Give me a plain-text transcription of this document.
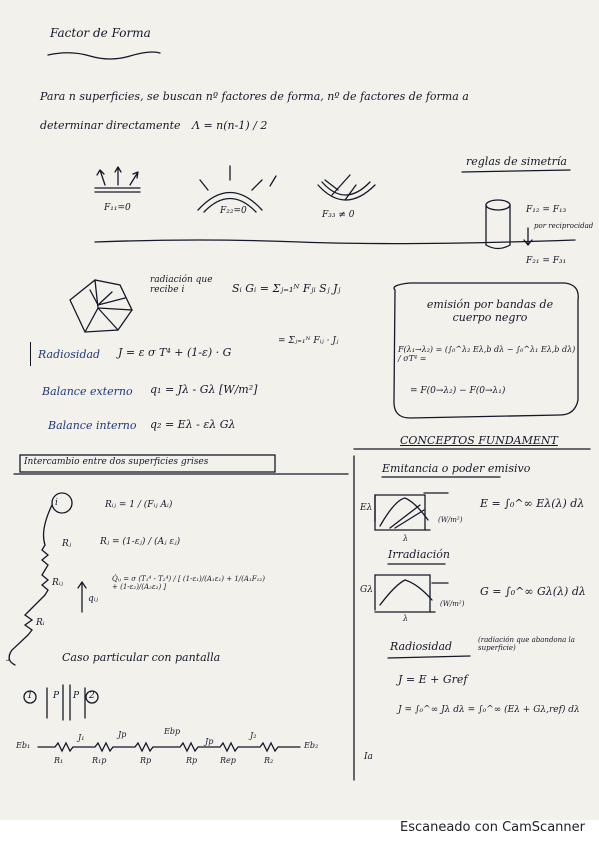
Factor de Forma
Para n superficies, se buscan nº factores de forma, nº de factores de forma a
determinar directamente Λ = n(n-1) / 2
F₁₁=0	F₂₂=0	F₃₃ ≠ 0
reglas de simetría
F₁₂ = F₁₃
por reciprocidad
F₂₁ = F₃₁
radiación que recibe i	Sᵢ Gᵢ = Σⱼ₌₁ᴺ Fⱼᵢ Sⱼ Jⱼ
Radiosidad J = ε σ T⁴ + (1-ε) · G
= Σⱼ₌₁ᴺ Fᵢⱼ · Jⱼ
Balance externo q₁ = Jλ - Gλ [W/m²]
Balance interno q₂ = Eλ - ελ Gλ
emisión por bandas de cuerpo negro
F(λ₁→λ₂) = (∫₀^λ₂ Eλ,b dλ − ∫₀^λ₁ Eλ,b dλ) / σT⁴ =
= F(0→λ₂) − F(0→λ₁)
CONCEPTOS FUNDAMENT
Intercambio entre dos superficies grises
Rᵢⱼ = 1 / (Fᵢⱼ Aᵢ)
Rⱼ = (1-εⱼ) / (Aⱼ εⱼ)
Q̇ᵢⱼ = σ (T₁⁴ - T₂⁴) / [ (1-ε₁)/(A₁ε₁) + 1/(A₁F₁₂) + (1-ε₂)/(A₂ε₂) ]
i
Rⱼ
Rᵢⱼ
Rᵢ
qᵢⱼ
j	Caso particular con pantalla
1 P P 2
Eb₁
J₁	Jp	Ebp
Jp
J₂
Eb₂
R₁	R₁p	Rp	Rp	Rep	R₂
Emitancia o poder emisivo
Eλ
λ
(W/m²)
E = ∫₀^∞ Eλ(λ) dλ
Irradiación
Gλ
λ
(W/m²)
G = ∫₀^∞ Gλ(λ) dλ
Radiosidad	(radiación que abandona la superficie)
J = E + Gref
J = ∫₀^∞ Jλ dλ = ∫₀^∞ (Eλ + Gλ,ref) dλ
Ia
Escaneado con CamScanner
